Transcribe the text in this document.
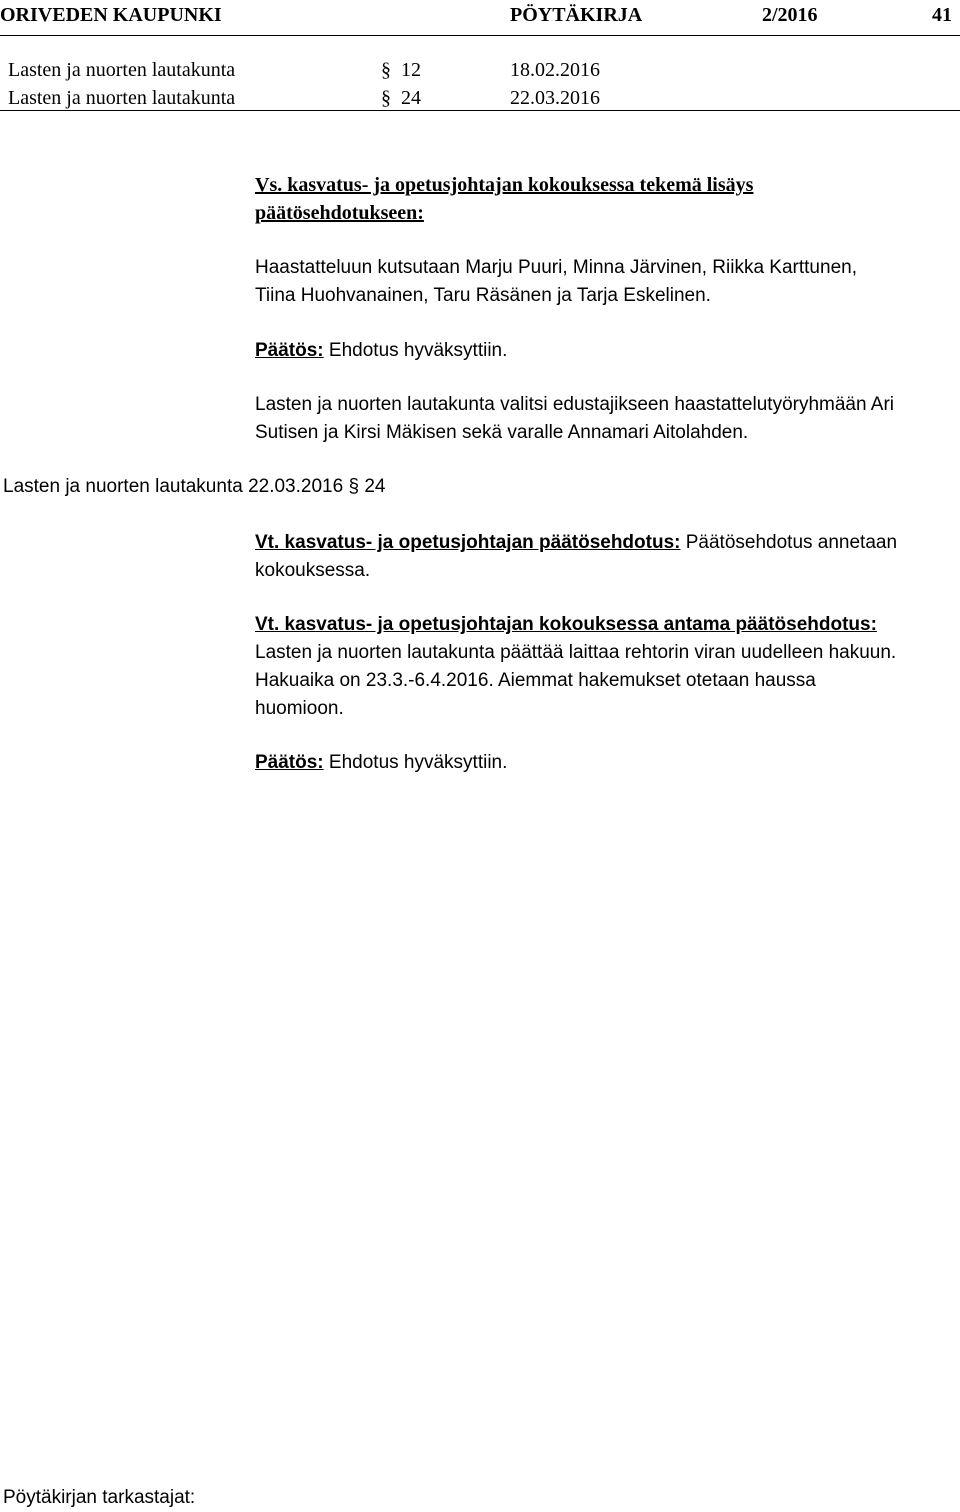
ORIVEDEN KAUPUNKI	PÖYTÄKIRJA	2/2016	41
Lasten ja nuorten lautakunta	§ 12	18.02.2016
Lasten ja nuorten lautakunta	§ 24	22.03.2016
Vs. kasvatus- ja opetusjohtajan kokouksessa tekemä lisäys
päätösehdotukseen:
Haastatteluun kutsutaan Marju Puuri, Minna Järvinen, Riikka Karttunen,
Tiina Huohvanainen, Taru Räsänen ja Tarja Eskelinen.
Päätös: Ehdotus hyväksyttiin.
Lasten ja nuorten lautakunta valitsi edustajikseen haastattelutyöryhmään Ari
Sutisen ja Kirsi Mäkisen sekä varalle Annamari Aitolahden.
Lasten ja nuorten lautakunta 22.03.2016 § 24
Vt. kasvatus- ja opetusjohtajan päätösehdotus: Päätösehdotus annetaan
kokouksessa.
Vt. kasvatus- ja opetusjohtajan kokouksessa antama päätösehdotus:
Lasten ja nuorten lautakunta päättää laittaa rehtorin viran uudelleen hakuun.
Hakuaika on 23.3.-6.4.2016. Aiemmat hakemukset otetaan haussa
huomioon.
Päätös: Ehdotus hyväksyttiin.
Pöytäkirjan tarkastajat:
